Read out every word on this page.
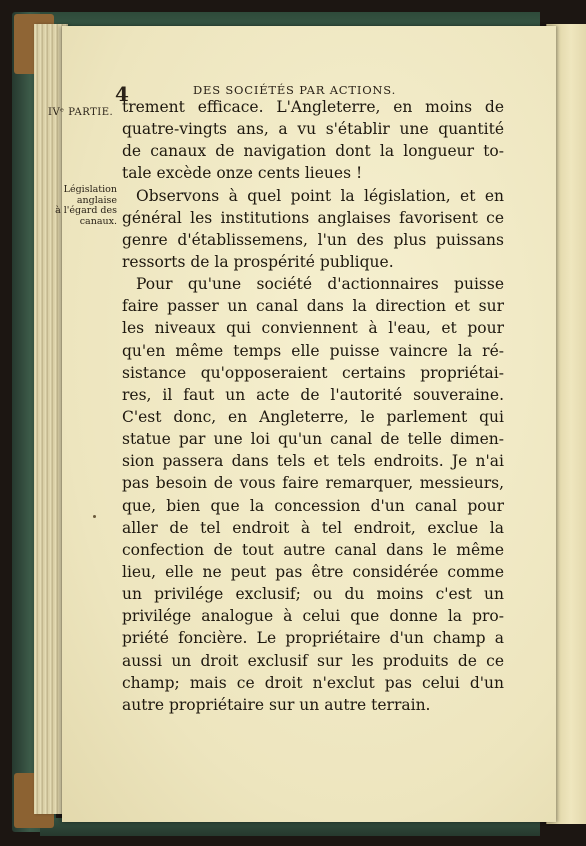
4	DES SOCIÉTÉS PAR ACTIONS.
IVᵉ PARTIE.
Législation
anglaise
à l'égard des
canaux.
trement efficace. L'Angleterre, en moins de
quatre-vingts ans, a vu s'établir une quantité
de canaux de navigation dont la longueur to-
tale excède onze cents lieues !
Observons à quel point la législation, et en
général les institutions anglaises favorisent ce
genre d'établissemens, l'un des plus puissans
ressorts de la prospérité publique.
Pour qu'une société d'actionnaires puisse
faire passer un canal dans la direction et sur
les niveaux qui conviennent à l'eau, et pour
qu'en même temps elle puisse vaincre la ré-
sistance qu'opposeraient certains propriétai-
res, il faut un acte de l'autorité souveraine.
C'est donc, en Angleterre, le parlement qui
statue par une loi qu'un canal de telle dimen-
sion passera dans tels et tels endroits. Je n'ai
pas besoin de vous faire remarquer, messieurs,
que, bien que la concession d'un canal pour
aller de tel endroit à tel endroit, exclue la
confection de tout autre canal dans le même
lieu, elle ne peut pas être considérée comme
un privilége exclusif; ou du moins c'est un
privilége analogue à celui que donne la pro-
priété foncière. Le propriétaire d'un champ a
aussi un droit exclusif sur les produits de ce
champ; mais ce droit n'exclut pas celui d'un
autre propriétaire sur un autre terrain.
